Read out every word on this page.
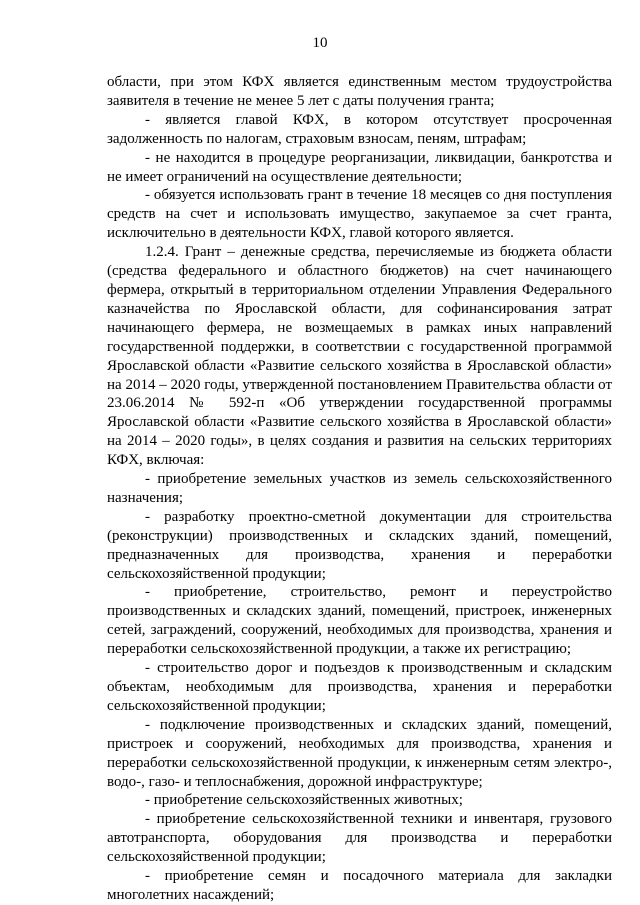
10

области, при этом КФХ является единственным местом трудоустройства заявителя в течение не менее 5 лет с даты получения гранта;

- является главой КФХ, в котором отсутствует просроченная задолженность по налогам, страховым взносам, пеням, штрафам;

- не находится в процедуре реорганизации, ликвидации, банкротства и не имеет ограничений на осуществление деятельности;

- обязуется использовать грант в течение 18 месяцев со дня поступления средств на счет и использовать имущество, закупаемое за счет гранта, исключительно в деятельности КФХ, главой которого является.

1.2.4. Грант – денежные средства, перечисляемые из бюджета области (средства федерального и областного бюджетов) на счет начинающего фермера, открытый в территориальном отделении Управления Федерального казначейства по Ярославской области, для софинансирования затрат начинающего фермера, не возмещаемых в рамках иных направлений государственной поддержки, в соответствии с государственной программой Ярославской области «Развитие сельского хозяйства в Ярославской области» на 2014 – 2020 годы, утвержденной постановлением Правительства области от 23.06.2014 № 592-п «Об утверждении государственной программы Ярославской области «Развитие сельского хозяйства в Ярославской области» на 2014 – 2020 годы», в целях создания и развития на сельских территориях КФХ, включая:

- приобретение земельных участков из земель сельскохозяйственного назначения;

- разработку проектно-сметной документации для строительства (реконструкции) производственных и складских зданий, помещений, предназначенных для производства, хранения и переработки сельскохозяйственной продукции;

- приобретение, строительство, ремонт и переустройство производственных и складских зданий, помещений, пристроек, инженерных сетей, заграждений, сооружений, необходимых для производства, хранения и переработки сельскохозяйственной продукции, а также их регистрацию;

- строительство дорог и подъездов к производственным и складским объектам, необходимым для производства, хранения и переработки сельскохозяйственной продукции;

- подключение производственных и складских зданий, помещений, пристроек и сооружений, необходимых для производства, хранения и переработки сельскохозяйственной продукции, к инженерным сетям электро-, водо-, газо- и теплоснабжения, дорожной инфраструктуре;

- приобретение сельскохозяйственных животных;

- приобретение сельскохозяйственной техники и инвентаря, грузового автотранспорта, оборудования для производства и переработки сельскохозяйственной продукции;

- приобретение семян и посадочного материала для закладки многолетних насаждений;
